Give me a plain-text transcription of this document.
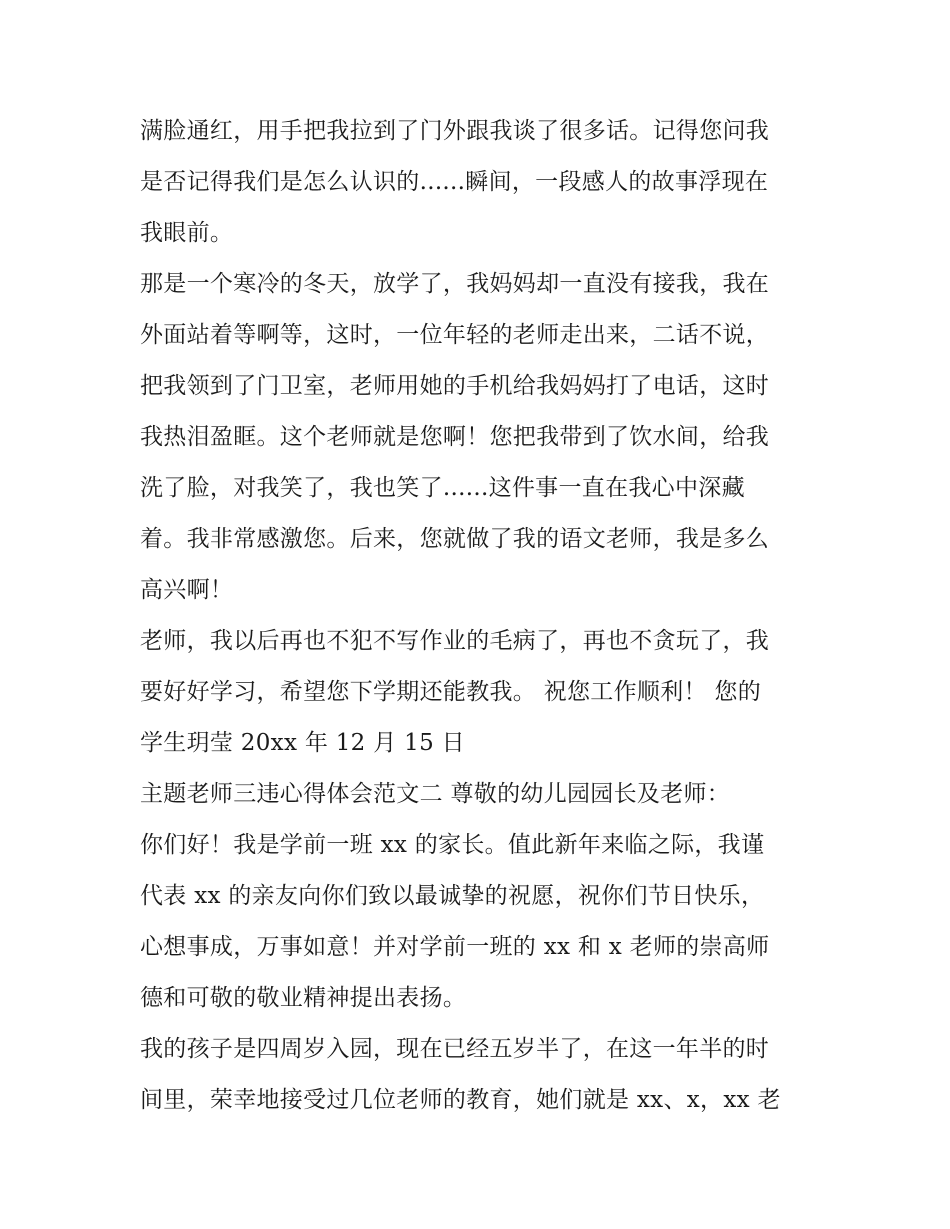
满脸通红，用手把我拉到了门外跟我谈了很多话。记得您问我
是否记得我们是怎么认识的......瞬间，一段感人的故事浮现在
我眼前。
那是一个寒冷的冬天，放学了，我妈妈却一直没有接我，我在
外面站着等啊等，这时，一位年轻的老师走出来，二话不说，
把我领到了门卫室，老师用她的手机给我妈妈打了电话，这时
我热泪盈眶。这个老师就是您啊！您把我带到了饮水间，给我
洗了脸，对我笑了，我也笑了......这件事一直在我心中深藏
着。我非常感激您。后来，您就做了我的语文老师，我是多么
高兴啊！
老师，我以后再也不犯不写作业的毛病了，再也不贪玩了，我
要好好学习，希望您下学期还能教我。 祝您工作顺利！ 您的
学生玥莹 20xx 年 12 月 15 日
主题老师三违心得体会范文二 尊敬的幼儿园园长及老师：
你们好！我是学前一班 xx 的家长。值此新年来临之际，我谨
代表 xx 的亲友向你们致以最诚挚的祝愿，祝你们节日快乐，
心想事成，万事如意！并对学前一班的 xx 和 x 老师的崇高师
德和可敬的敬业精神提出表扬。
我的孩子是四周岁入园，现在已经五岁半了，在这一年半的时
间里，荣幸地接受过几位老师的教育，她们就是 xx、x，xx 老
